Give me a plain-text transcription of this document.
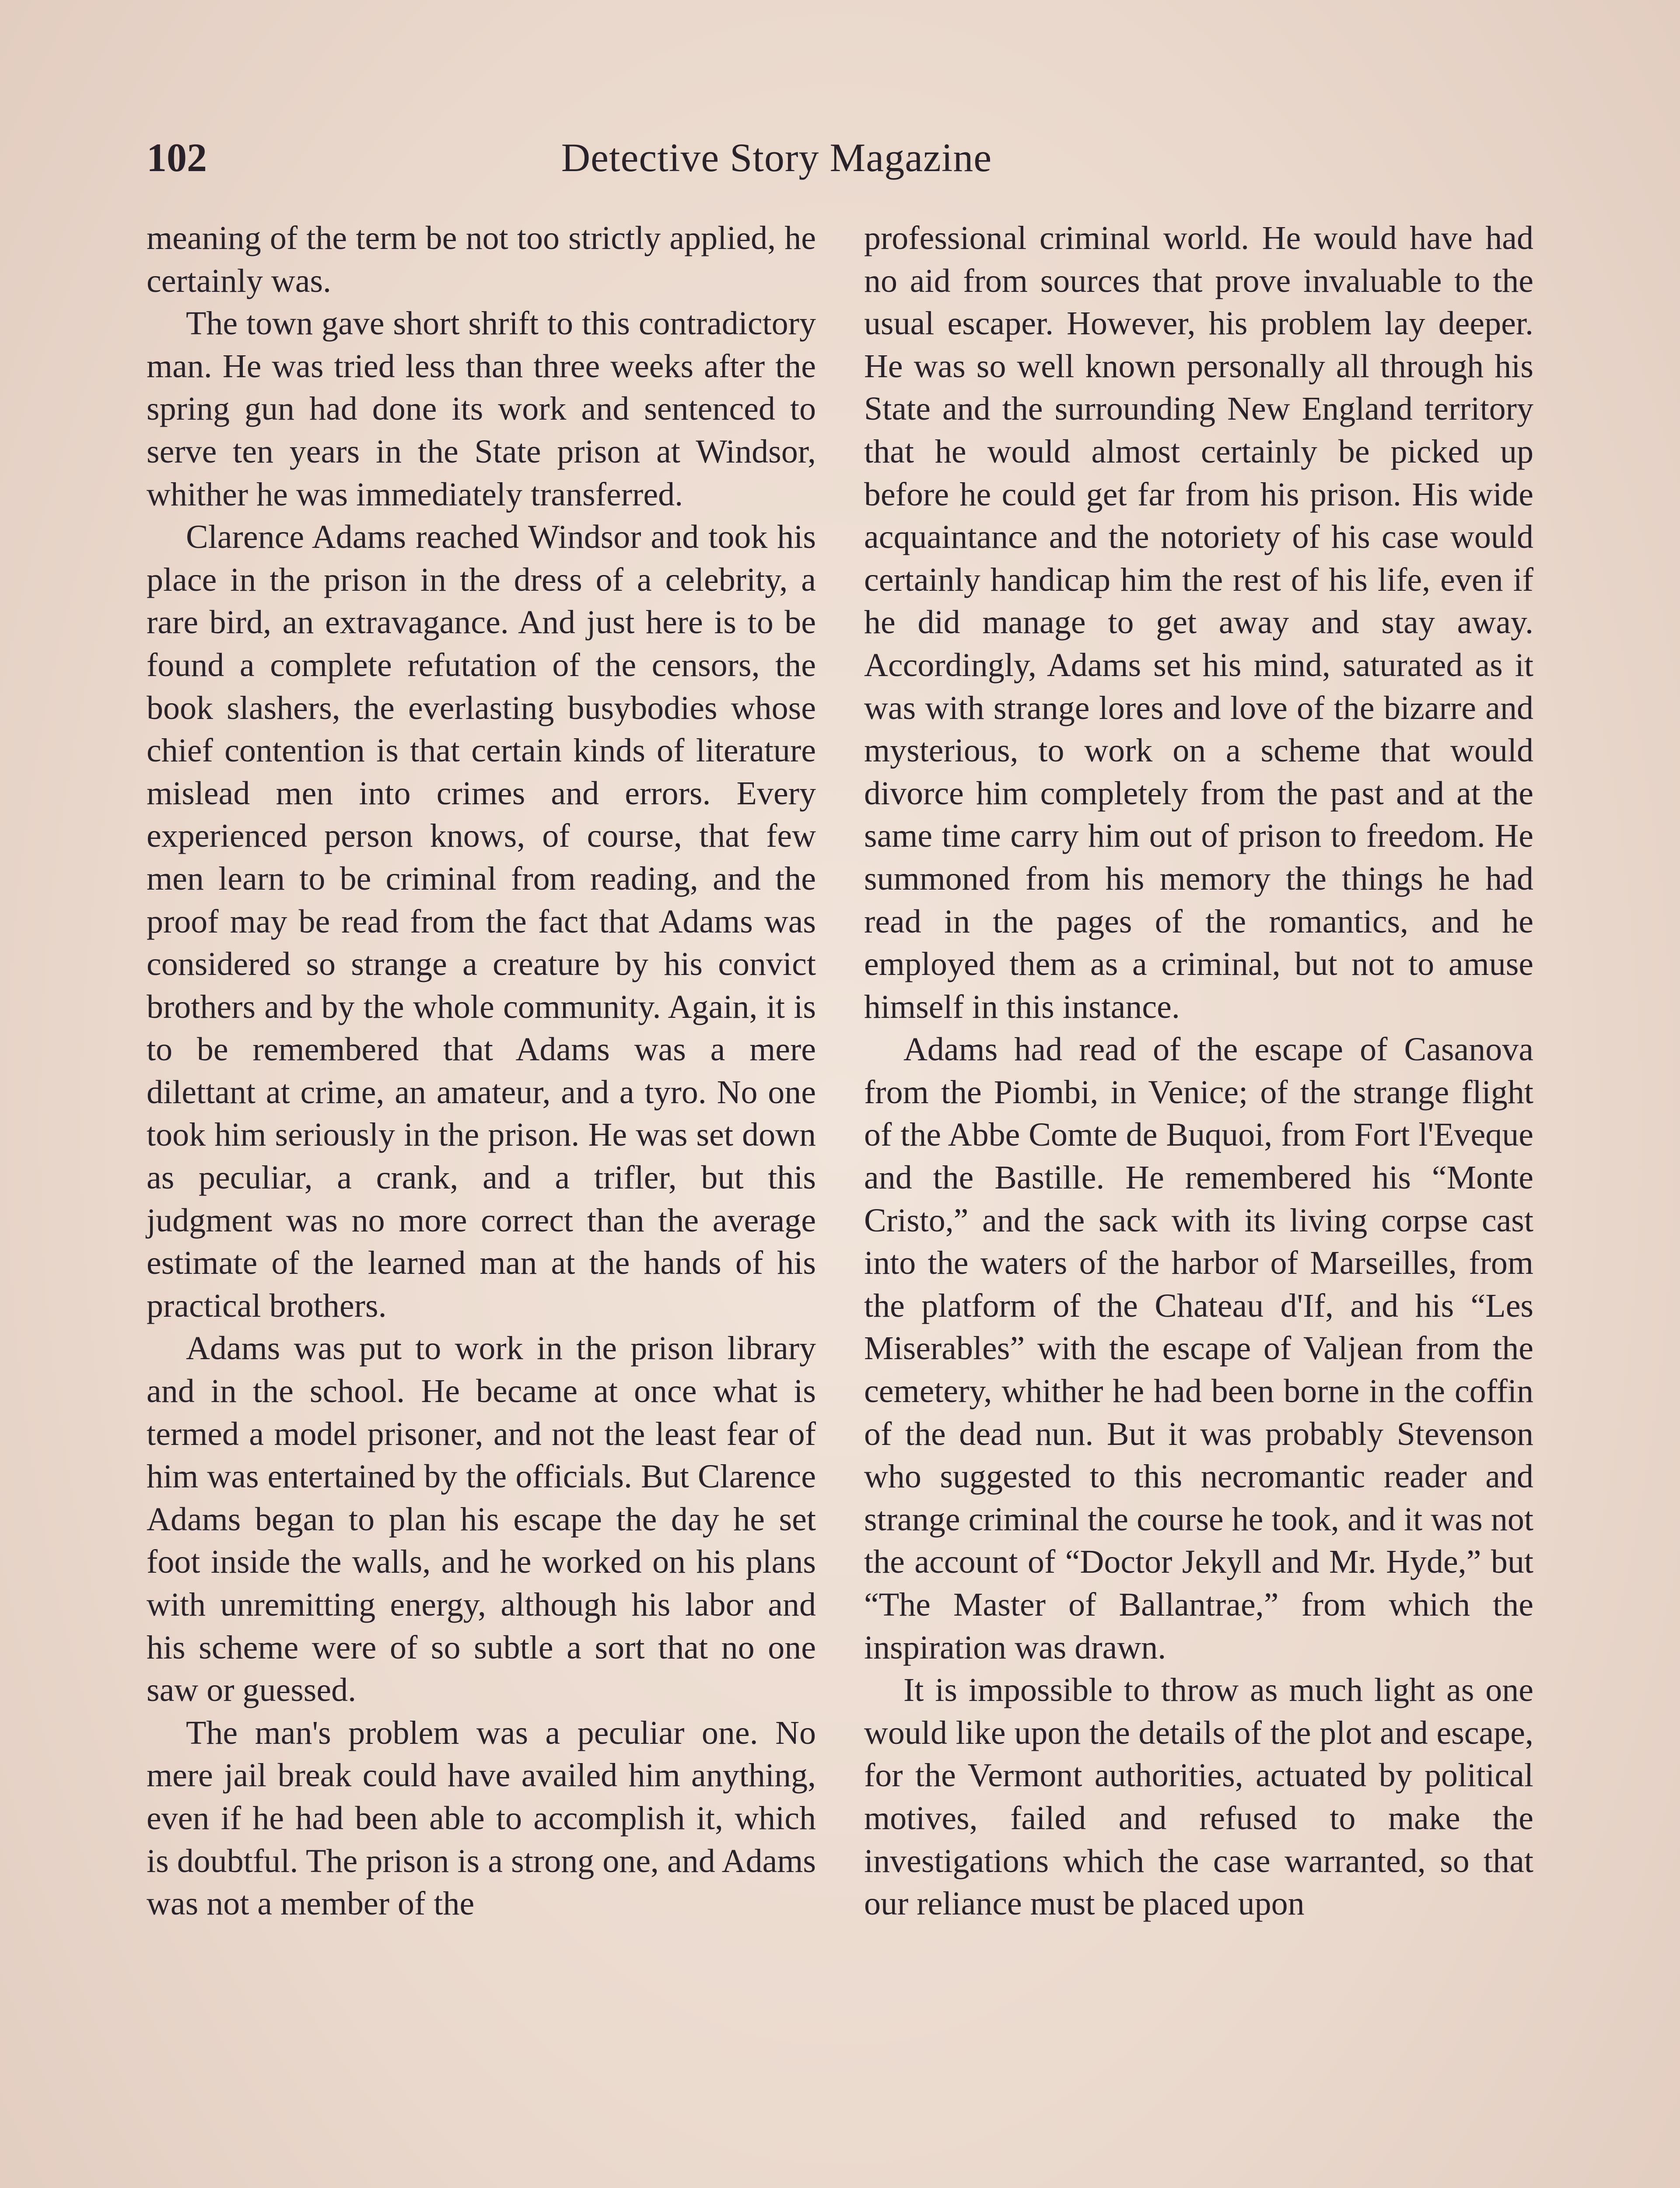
102	Detective Story Magazine

meaning of the term be not too strictly applied, he certainly was.

The town gave short shrift to this contradictory man. He was tried less than three weeks after the spring gun had done its work and sentenced to serve ten years in the State prison at Windsor, whither he was immediately transferred.

Clarence Adams reached Windsor and took his place in the prison in the dress of a celebrity, a rare bird, an extravagance. And just here is to be found a complete refutation of the censors, the book slashers, the everlasting busybodies whose chief contention is that certain kinds of literature mislead men into crimes and errors. Every experienced person knows, of course, that few men learn to be criminal from reading, and the proof may be read from the fact that Adams was considered so strange a creature by his convict brothers and by the whole community. Again, it is to be remembered that Adams was a mere dilettant at crime, an amateur, and a tyro. No one took him seriously in the prison. He was set down as peculiar, a crank, and a trifler, but this judgment was no more correct than the average estimate of the learned man at the hands of his practical brothers.

Adams was put to work in the prison library and in the school. He became at once what is termed a model prisoner, and not the least fear of him was entertained by the officials. But Clarence Adams began to plan his escape the day he set foot inside the walls, and he worked on his plans with unremitting energy, although his labor and his scheme were of so subtle a sort that no one saw or guessed.

The man's problem was a peculiar one. No mere jail break could have availed him anything, even if he had been able to accomplish it, which is doubtful. The prison is a strong one, and Adams was not a member of the

professional criminal world. He would have had no aid from sources that prove invaluable to the usual escaper. However, his problem lay deeper. He was so well known personally all through his State and the surrounding New England territory that he would almost certainly be picked up before he could get far from his prison. His wide acquaintance and the notoriety of his case would certainly handicap him the rest of his life, even if he did manage to get away and stay away. Accordingly, Adams set his mind, saturated as it was with strange lores and love of the bizarre and mysterious, to work on a scheme that would divorce him completely from the past and at the same time carry him out of prison to freedom. He summoned from his memory the things he had read in the pages of the romantics, and he employed them as a criminal, but not to amuse himself in this instance.

Adams had read of the escape of Casanova from the Piombi, in Venice; of the strange flight of the Abbe Comte de Buquoi, from Fort l'Eveque and the Bastille. He remembered his “Monte Cristo,” and the sack with its living corpse cast into the waters of the harbor of Marseilles, from the platform of the Chateau d'If, and his “Les Miserables” with the escape of Valjean from the cemetery, whither he had been borne in the coffin of the dead nun. But it was probably Stevenson who suggested to this necromantic reader and strange criminal the course he took, and it was not the account of “Doctor Jekyll and Mr. Hyde,” but “The Master of Ballantrae,” from which the inspiration was drawn.

It is impossible to throw as much light as one would like upon the details of the plot and escape, for the Vermont authorities, actuated by political motives, failed and refused to make the investigations which the case warranted, so that our reliance must be placed upon
